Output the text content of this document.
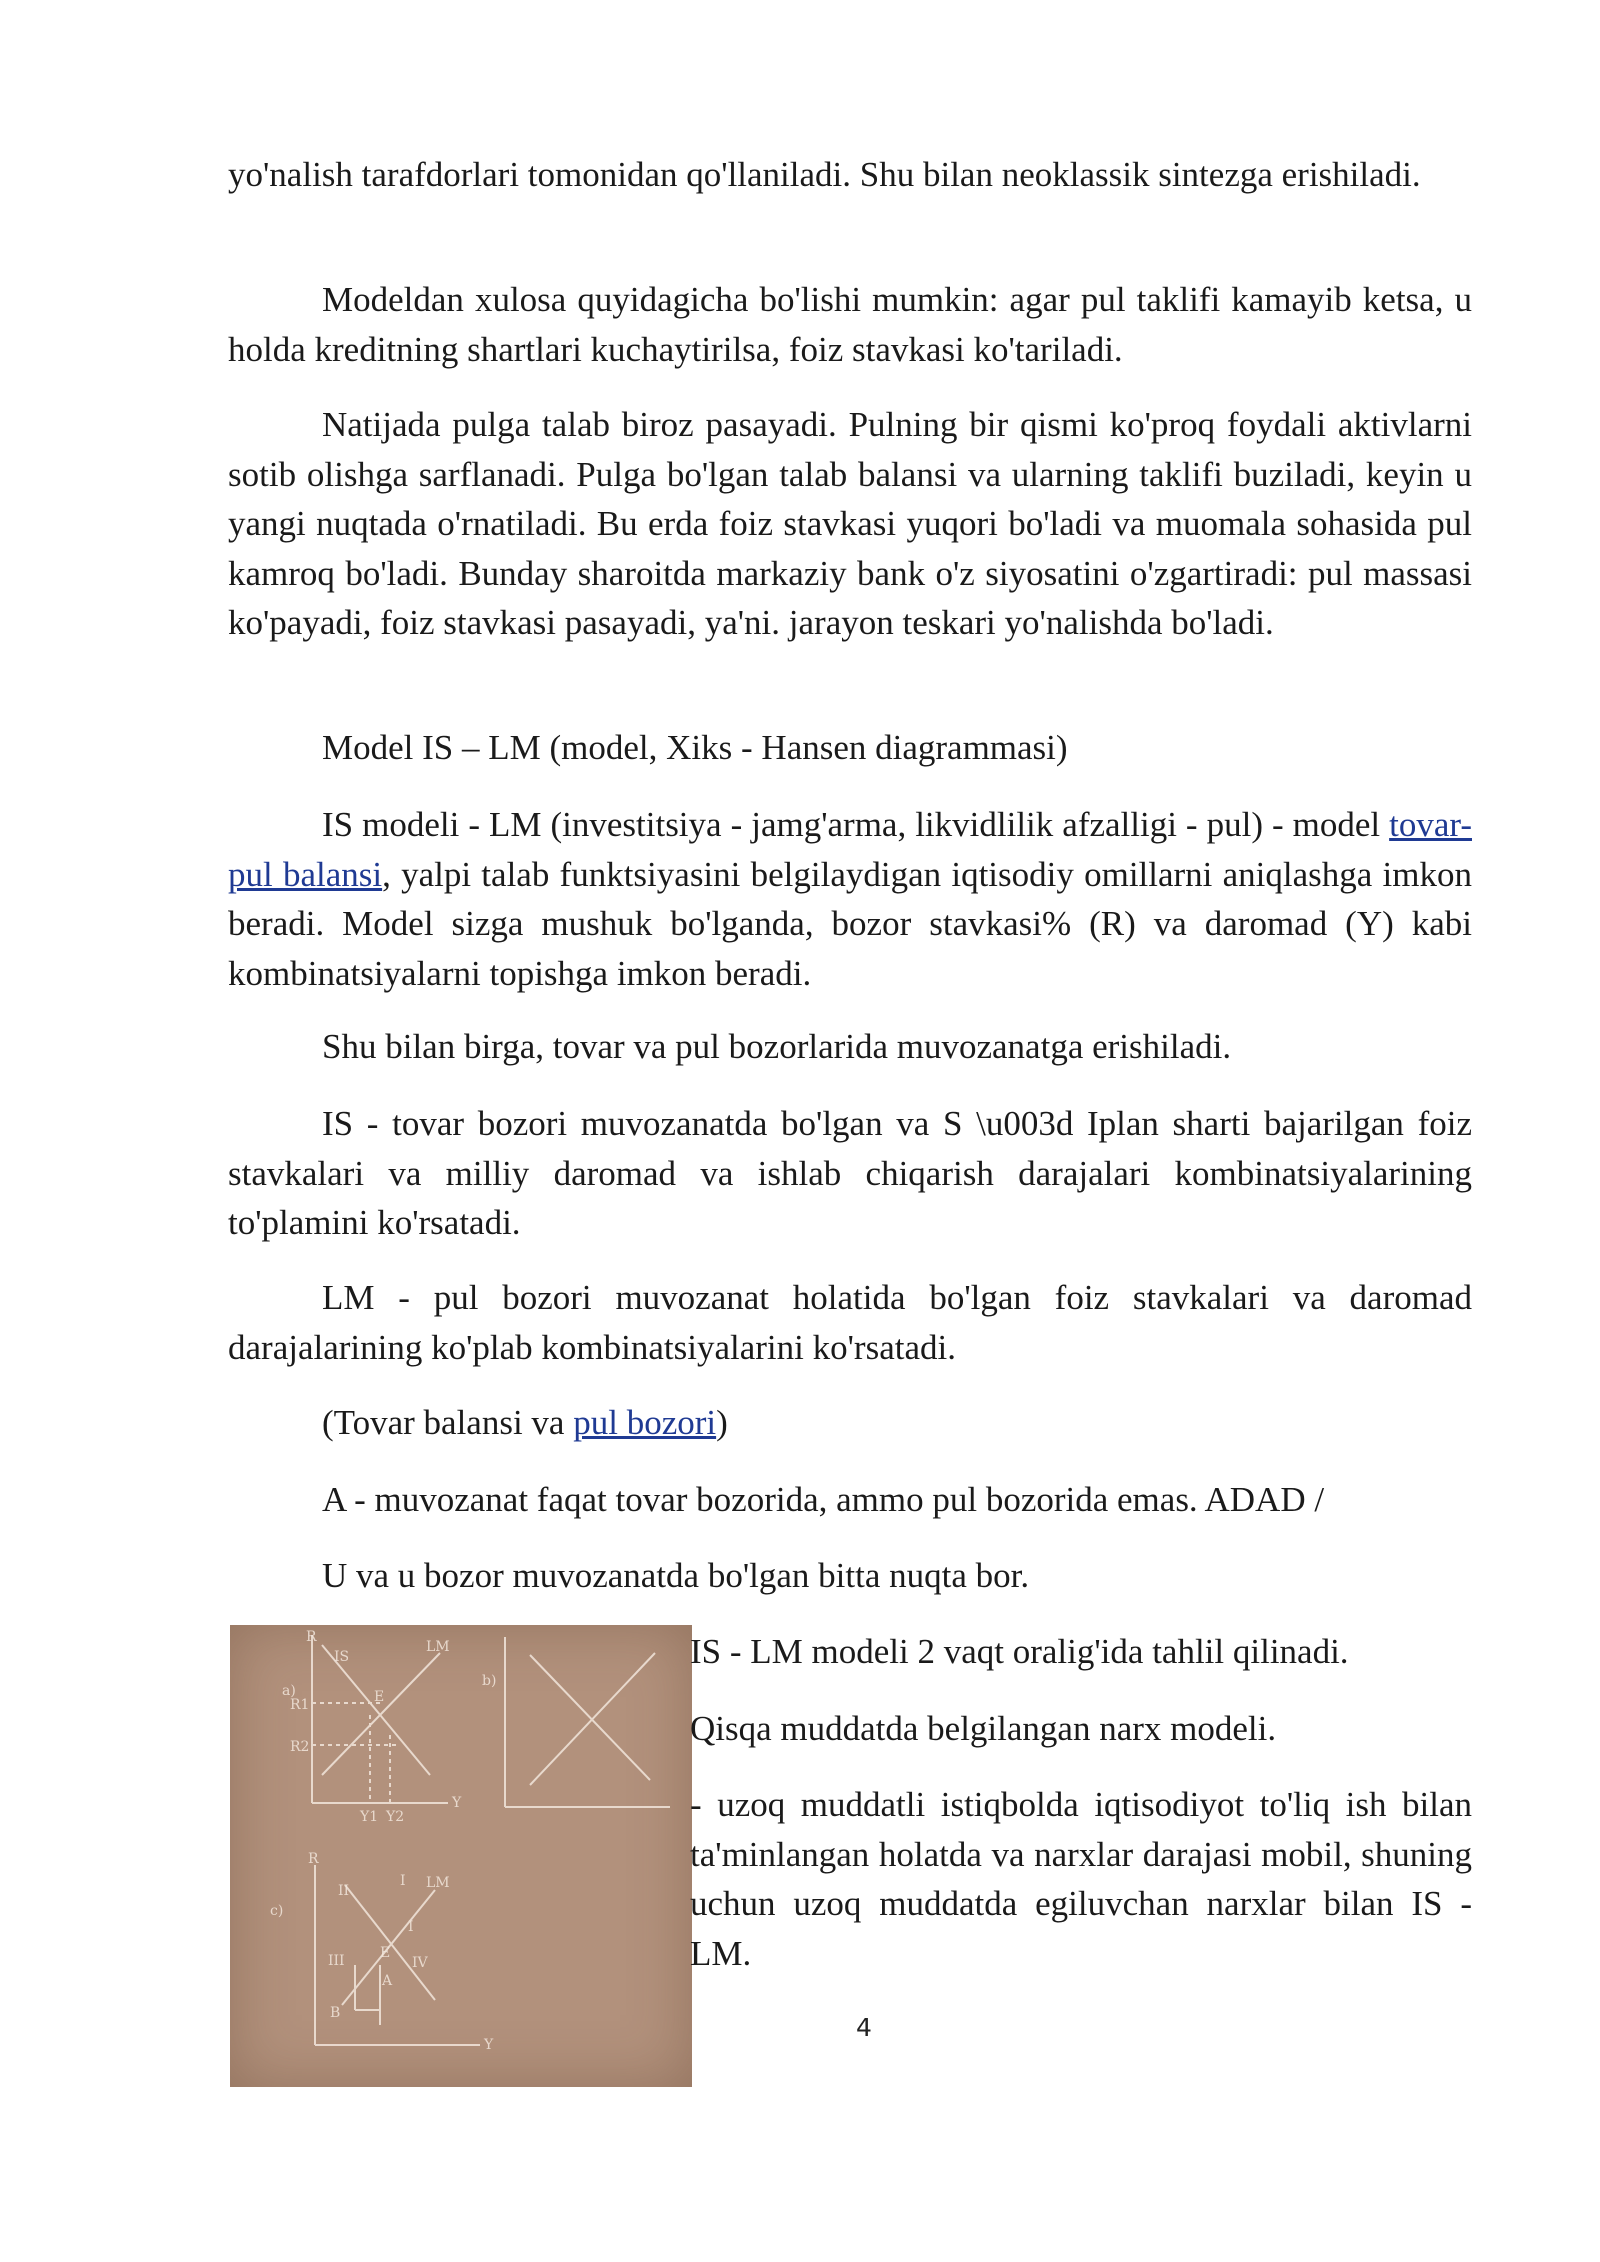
yo'nalish tarafdorlari tomonidan qo'llaniladi. Shu bilan neoklassik sintezga erishiladi.

Modeldan xulosa quyidagicha bo'lishi mumkin: agar pul taklifi kamayib ketsa, u holda kreditning shartlari kuchaytirilsa, foiz stavkasi ko'tariladi.

Natijada pulga talab biroz pasayadi. Pulning bir qismi ko'proq foydali aktivlarni sotib olishga sarflanadi. Pulga bo'lgan talab balansi va ularning taklifi buziladi, keyin u yangi nuqtada o'rnatiladi. Bu erda foiz stavkasi yuqori bo'ladi va muomala sohasida pul kamroq bo'ladi. Bunday sharoitda markaziy bank o'z siyosatini o'zgartiradi: pul massasi ko'payadi, foiz stavkasi pasayadi, ya'ni. jarayon teskari yo'nalishda bo'ladi.

Model IS – LM (model, Xiks - Hansen diagrammasi)

IS modeli - LM (investitsiya - jamg'arma, likvidlilik afzalligi - pul) - model tovar-pul balansi, yalpi talab funktsiyasini belgilaydigan iqtisodiy omillarni aniqlashga imkon beradi. Model sizga mushuk bo'lganda, bozor stavkasi% (R) va daromad (Y) kabi kombinatsiyalarni topishga imkon beradi.

Shu bilan birga, tovar va pul bozorlarida muvozanatga erishiladi.

IS - tovar bozori muvozanatda bo'lgan va S \u003d Iplan sharti bajarilgan foiz stavkalari va milliy daromad va ishlab chiqarish darajalari kombinatsiyalarining to'plamini ko'rsatadi.

LM - pul bozori muvozanat holatida bo'lgan foiz stavkalari va daromad darajalarining ko'plab kombinatsiyalarini ko'rsatadi.

(Tovar balansi va pul bozori)

A - muvozanat faqat tovar bozorida, ammo pul bozorida emas. ADAD /

U va u bozor muvozanatda bo'lgan bitta nuqta bor.

a)
R
Y
LM
IS
R1
R2
Y1 Y2
E
b)
c)
R
Y
LM
I
II
III
I
IV
E
A
B

IS - LM modeli 2 vaqt oralig'ida tahlil qilinadi.

Qisqa muddatda belgilangan narx modeli.

- uzoq muddatli istiqbolda iqtisodiyot to'liq ish bilan ta'minlangan holatda va narxlar darajasi mobil, shuning uchun uzoq muddatda egiluvchan narxlar bilan IS - LM.

4
